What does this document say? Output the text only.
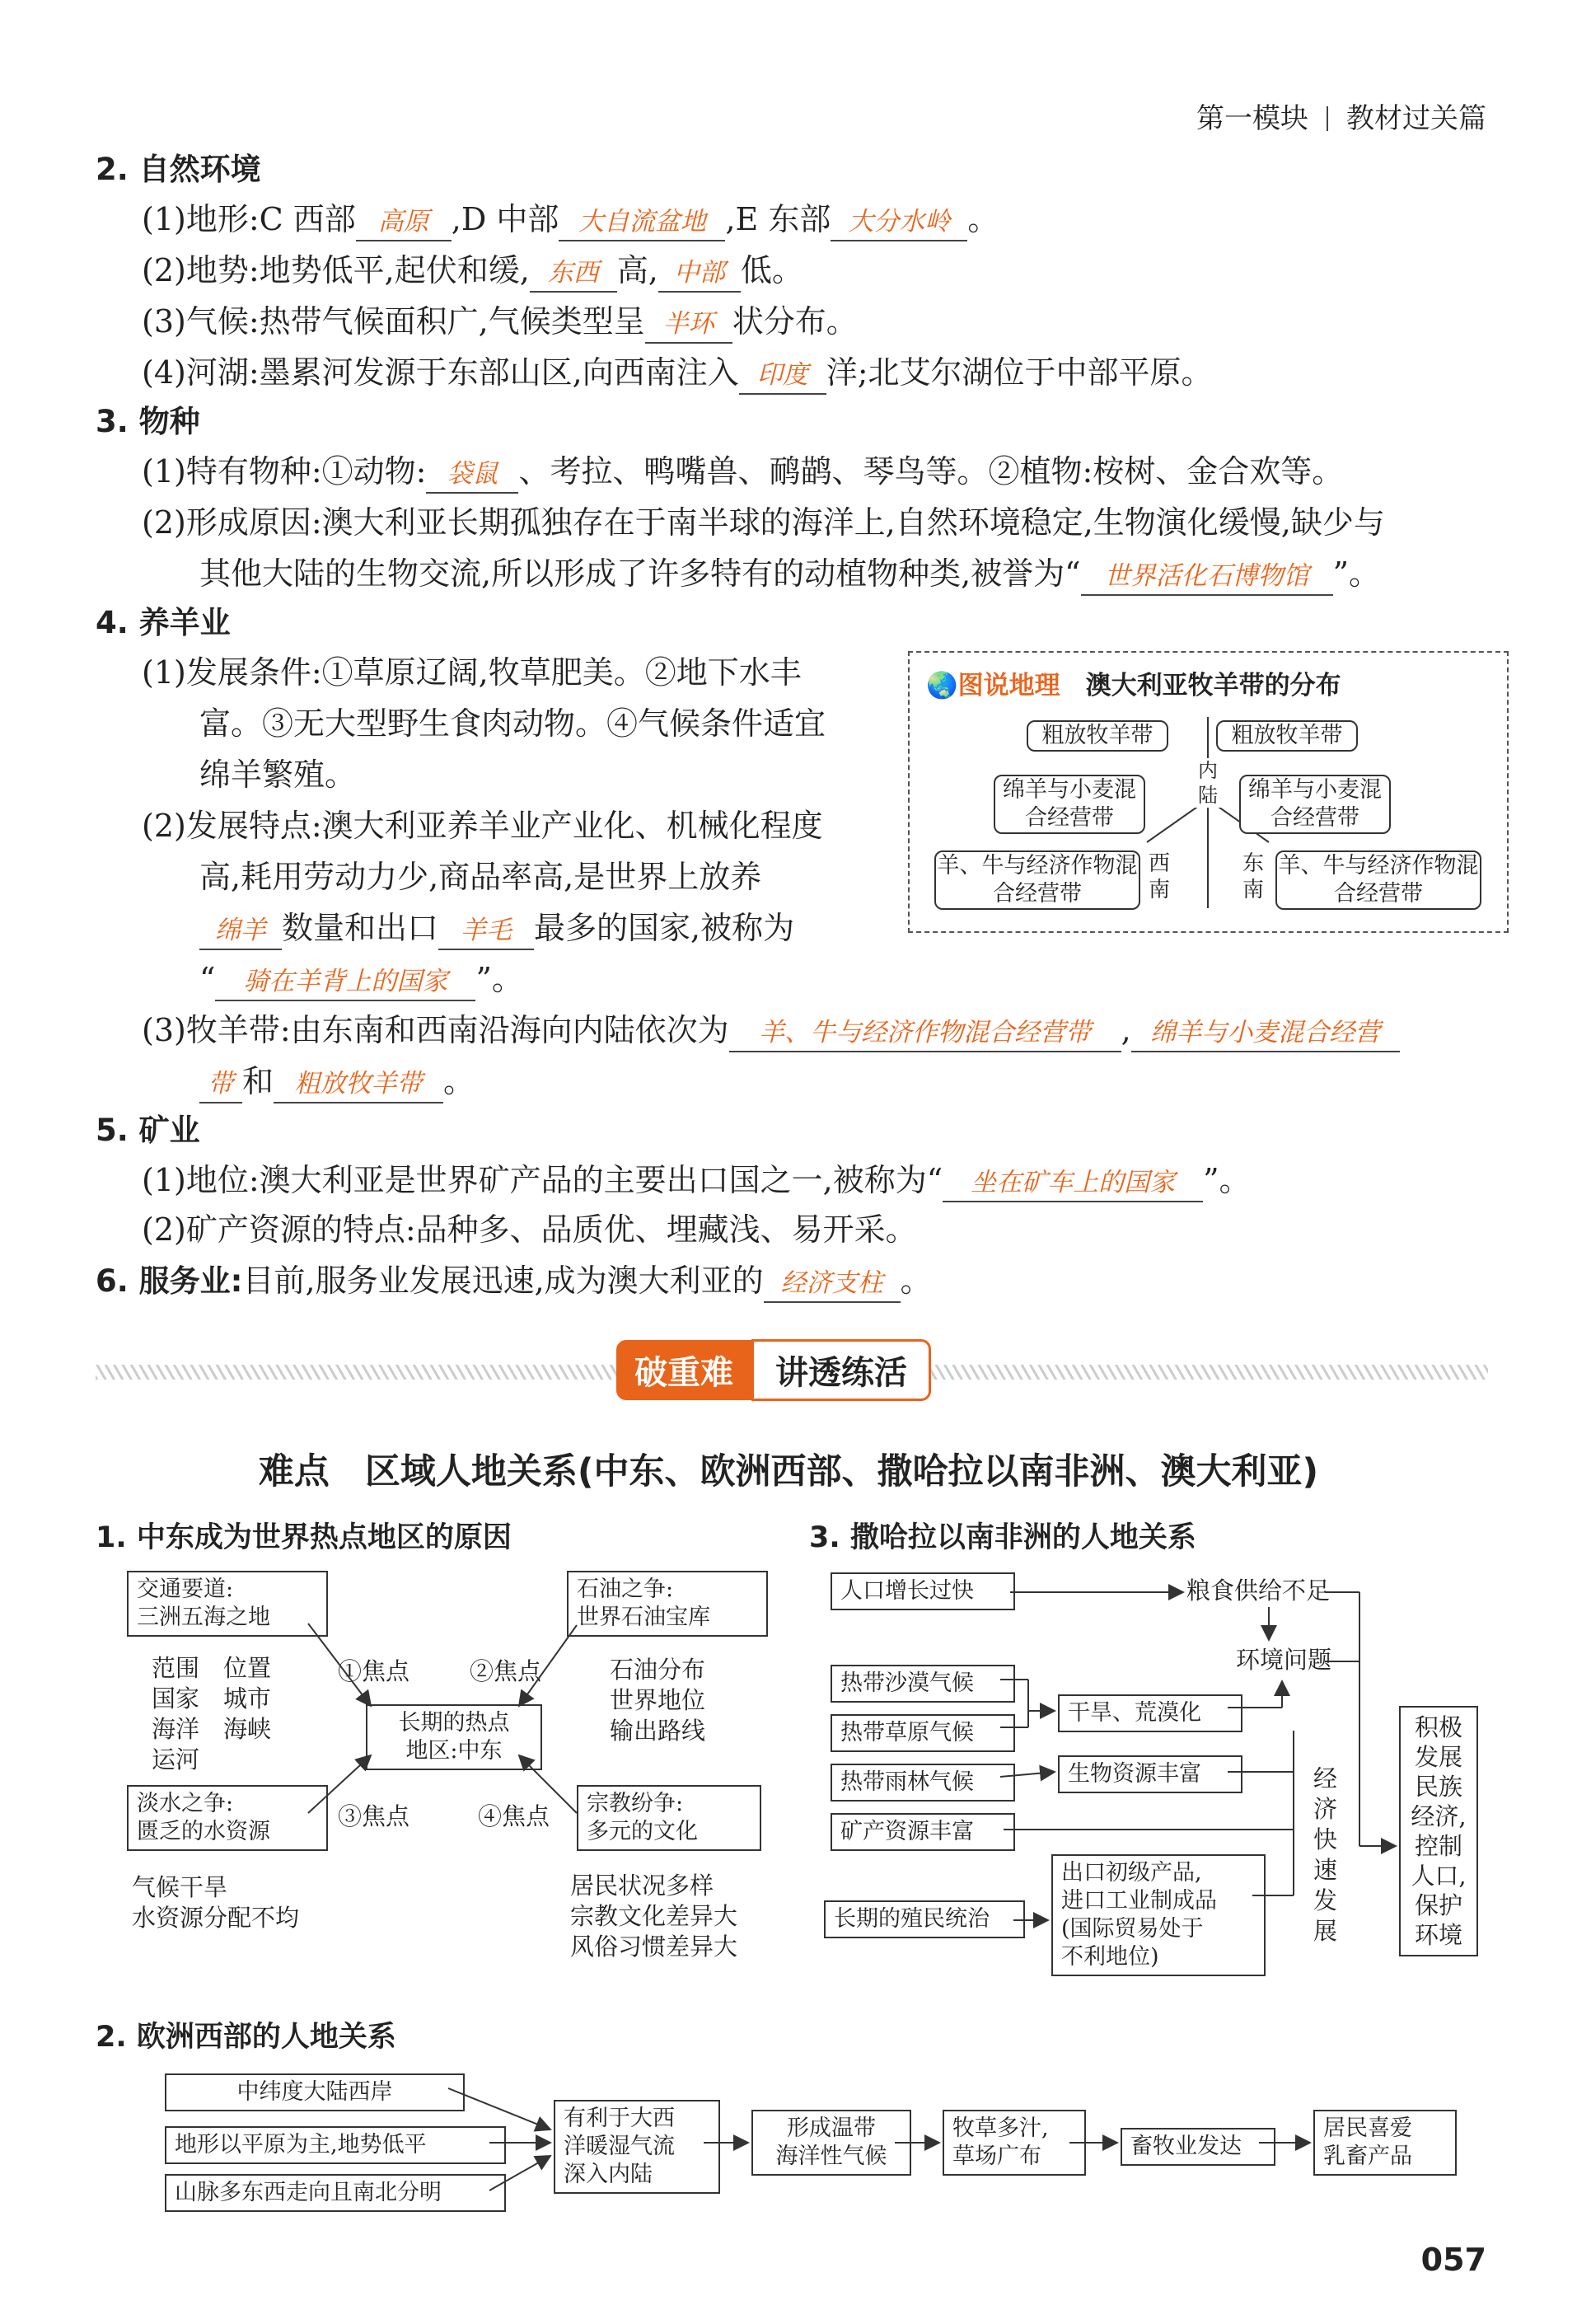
第一模块 教材过关篇
2. 自然环境
(1)地形:C 西部 高原 ,D 中部 大自流盆地 ,E 东部 大分水岭 。
(2)地势:地势低平,起伏和缓, 东西 高, 中部 低。
(3)气候:热带气候面积广,气候类型呈 半环 状分布。
(4)河湖:墨累河发源于东部山区,向西南注入 印度 洋;北艾尔湖位于中部平原。
3. 物种
(1)特有物种:①动物: 袋鼠 、考拉、鸭嘴兽、鸸鹋、琴鸟等。②植物:桉树、金合欢等。
(2)形成原因:澳大利亚长期孤独存在于南半球的海洋上,自然环境稳定,生物演化缓慢,缺少与
其他大陆的生物交流,所以形成了许多特有的动植物种类,被誉为“ 世界活化石博物馆 ”。
4. 养羊业
(1)发展条件:①草原辽阔,牧草肥美。②地下水丰
富。③无大型野生食肉动物。④气候条件适宜
绵羊繁殖。
(2)发展特点:澳大利亚养羊业产业化、机械化程度
高,耗用劳动力少,商品率高,是世界上放养
绵羊 数量和出口 羊毛 最多的国家,被称为
“ 骑在羊背上的国家 ”。
(3)牧羊带:由东南和西南沿海向内陆依次为 羊、牛与经济作物混合经营带 , 绵羊与小麦混合经营
带 和 粗放牧羊带 。
🌏图说地理　 澳大利亚牧羊带的分布
粗放牧羊带	粗放牧羊带
内陆
绵羊与小麦混合经营带
绵羊与小麦混合经营带
羊、牛与经济作物混合经营带
羊、牛与经济作物混合经营带
西南
东南
5. 矿业
(1)地位:澳大利亚是世界矿产品的主要出口国之一,被称为“ 坐在矿车上的国家 ”。
(2)矿产资源的特点:品种多、品质优、埋藏浅、易开采。
6. 服务业:目前,服务业发展迅速,成为澳大利亚的 经济支柱 。
破重难	讲透练活
难点　区域人地关系(中东、欧洲西部、撒哈拉以南非洲、澳大利亚)
1. 中东成为世界热点地区的原因
交通要道:
三洲五海之地
石油之争:
世界石油宝库
淡水之争:
匮乏的水资源
宗教纷争:
多元的文化
长期的热点
地区:中东
①焦点	②焦点
③焦点	④焦点
范围　位置
国家　城市
海洋　海峡
运河
石油分布
世界地位
输出路线
气候干旱
水资源分配不均
居民状况多样
宗教文化差异大
风俗习惯差异大
3. 撒哈拉以南非洲的人地关系
人口增长过快
热带沙漠气候
热带草原气候
热带雨林气候
矿产资源丰富
长期的殖民统治
干旱、荒漠化
生物资源丰富
出口初级产品,
进口工业制成品
(国际贸易处于
不利地位)
粮食供给不足
环境问题
经济快速发展
积极发展民族经济,控制人口,保护环境
2. 欧洲西部的人地关系
中纬度大陆西岸
地形以平原为主,地势低平
山脉多东西走向且南北分明
有利于大西
洋暖湿气流
深入内陆
形成温带
海洋性气候
牧草多汁,
草场广布	畜牧业发达
居民喜爱
乳畜产品
057
